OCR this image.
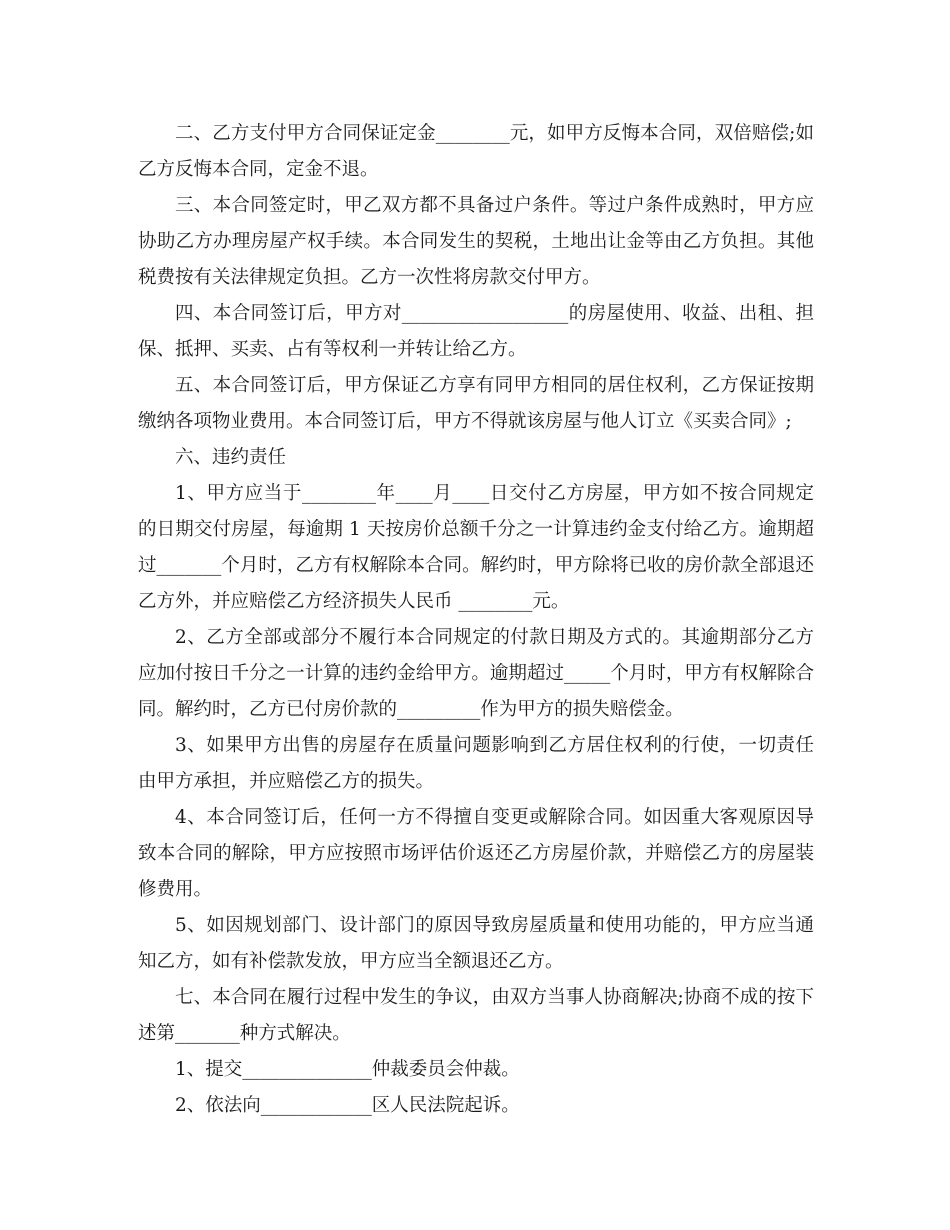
二、乙方支付甲方合同保证定金________元，如甲方反悔本合同，双倍赔偿;如乙方反悔本合同，定金不退。

三、本合同签定时，甲乙双方都不具备过户条件。等过户条件成熟时，甲方应协助乙方办理房屋产权手续。本合同发生的契税，土地出让金等由乙方负担。其他税费按有关法律规定负担。乙方一次性将房款交付甲方。

四、本合同签订后，甲方对__________________的房屋使用、收益、出租、担保、抵押、买卖、占有等权利一并转让给乙方。

五、本合同签订后，甲方保证乙方享有同甲方相同的居住权利，乙方保证按期缴纳各项物业费用。本合同签订后，甲方不得就该房屋与他人订立《买卖合同》;

六、违约责任

1、甲方应当于________年____月____日交付乙方房屋，甲方如不按合同规定的日期交付房屋，每逾期 1 天按房价总额千分之一计算违约金支付给乙方。逾期超过_______个月时，乙方有权解除本合同。解约时，甲方除将已收的房价款全部退还乙方外，并应赔偿乙方经济损失人民币 ________元。

2、乙方全部或部分不履行本合同规定的付款日期及方式的。其逾期部分乙方应加付按日千分之一计算的违约金给甲方。逾期超过_____个月时，甲方有权解除合同。解约时，乙方已付房价款的_________作为甲方的损失赔偿金。

3、如果甲方出售的房屋存在质量问题影响到乙方居住权利的行使，一切责任由甲方承担，并应赔偿乙方的损失。

4、本合同签订后，任何一方不得擅自变更或解除合同。如因重大客观原因导致本合同的解除，甲方应按照市场评估价返还乙方房屋价款，并赔偿乙方的房屋装修费用。

5、如因规划部门、设计部门的原因导致房屋质量和使用功能的，甲方应当通知乙方，如有补偿款发放，甲方应当全额退还乙方。

七、本合同在履行过程中发生的争议，由双方当事人协商解决;协商不成的按下述第_______种方式解决。

1、提交______________仲裁委员会仲裁。

2、依法向____________区人民法院起诉。
